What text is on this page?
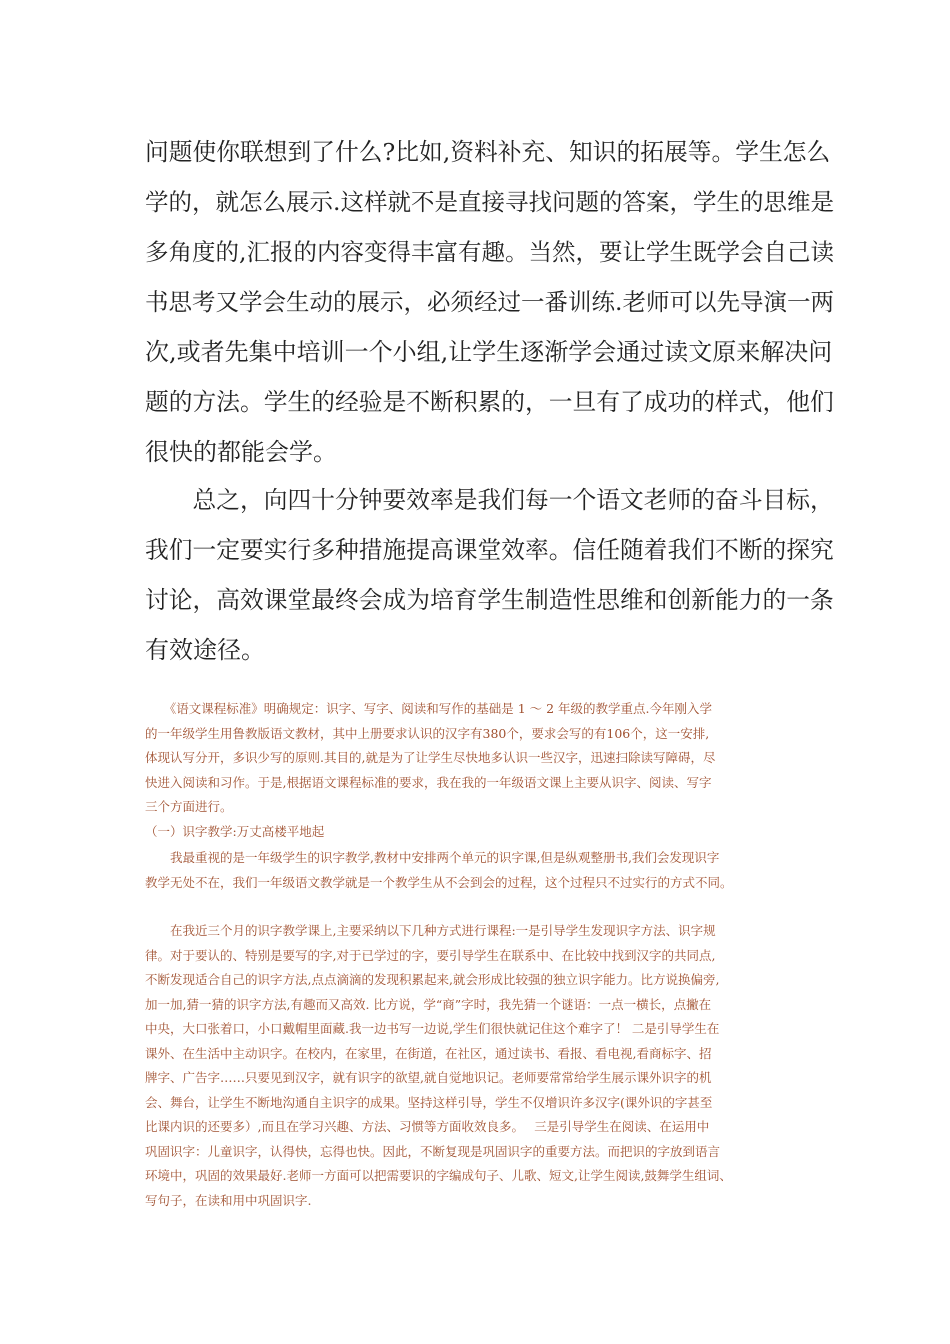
问题使你联想到了什么?比如,资料补充、知识的拓展等。学生怎么
学的，就怎么展示.这样就不是直接寻找问题的答案，学生的思维是
多角度的,汇报的内容变得丰富有趣。当然，要让学生既学会自己读
书思考又学会生动的展示，必须经过一番训练.老师可以先导演一两
次,或者先集中培训一个小组,让学生逐渐学会通过读文原来解决问
题的方法。学生的经验是不断积累的，一旦有了成功的样式，他们
很快的都能会学。
　　总之，向四十分钟要效率是我们每一个语文老师的奋斗目标，
我们一定要实行多种措施提高课堂效率。信任随着我们不断的探究
讨论，高效课堂最终会成为培育学生制造性思维和创新能力的一条
有效途径。
　　《语文课程标准》明确规定：识字、写字、阅读和写作的基础是 1 ～ 2 年级的教学重点.今年刚入学
的一年级学生用鲁教版语文教材，其中上册要求认识的汉字有380个，要求会写的有106个，这一安排,
体现认写分开，多识少写的原则.其目的,就是为了让学生尽快地多认识一些汉字，迅速扫除读写障碍，尽
快进入阅读和习作。于是,根据语文课程标准的要求，我在我的一年级语文课上主要从识字、阅读、写字
三个方面进行。
（一）识字教学:万丈高楼平地起
　　我最重视的是一年级学生的识字教学,教材中安排两个单元的识字课,但是纵观整册书,我们会发现识字
教学无处不在，我们一年级语文教学就是一个教学生从不会到会的过程，这个过程只不过实行的方式不同。
　　在我近三个月的识字教学课上,主要采纳以下几种方式进行课程:一是引导学生发现识字方法、识字规
律。对于要认的、特别是要写的字,对于已学过的字，要引导学生在联系中、在比较中找到汉字的共同点,
不断发现适合自己的识字方法,点点滴滴的发现积累起来,就会形成比较强的独立识字能力。比方说换偏旁,
加一加,猜一猜的识字方法,有趣而又高效. 比方说，学“商”字时，我先猜一个谜语：一点一横长，点撇在
中央，大口张着口，小口戴帽里面藏.我一边书写一边说,学生们很快就记住这个难字了！ 二是引导学生在
课外、在生活中主动识字。在校内，在家里，在街道，在社区，通过读书、看报、看电视,看商标字、招
牌字、广告字……只要见到汉字，就有识字的欲望,就自觉地识记。老师要常常给学生展示课外识字的机
会、舞台，让学生不断地沟通自主识字的成果。坚持这样引导，学生不仅增识许多汉字(课外识的字甚至
比课内识的还要多）,而且在学习兴趣、方法、习惯等方面收效良多。　 三是引导学生在阅读、在运用中
巩固识字：儿童识字，认得快，忘得也快。因此，不断复现是巩固识字的重要方法。而把识的字放到语言
环境中，巩固的效果最好.老师一方面可以把需要识的字编成句子、儿歌、短文,让学生阅读,鼓舞学生组词、
写句子，在读和用中巩固识字.
